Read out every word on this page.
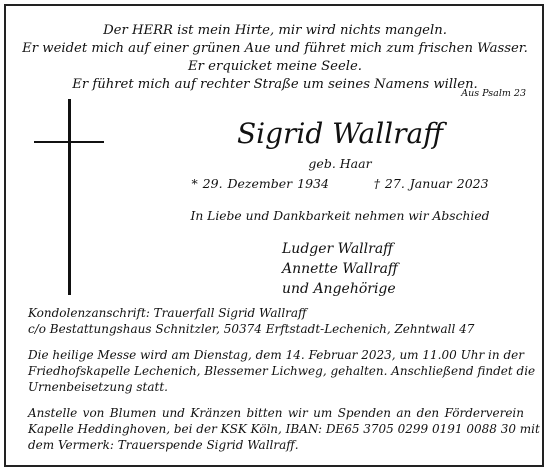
Der HERR ist mein Hirte, mir wird nichts mangeln.
Er weidet mich auf einer grünen Aue und führet mich zum frischen Wasser.
Er erquicket meine Seele.
Er führet mich auf rechter Straße um seines Namens willen.
Aus Psalm 23
Sigrid Wallraff
geb. Haar
* 29. Dezember 1934	† 27. Januar 2023
In Liebe und Dankbarkeit nehmen wir Abschied
Ludger Wallraff
Annette Wallraff
und Angehörige

Kondolenzanschrift: Trauerfall Sigrid Wallraff
c/o Bestattungshaus Schnitzler, 50374 Erftstadt-Lechenich, Zehntwall 47

Die heilige Messe wird am Dienstag, dem 14. Februar 2023, um 11.00 Uhr in der
Friedhofskapelle Lechenich, Blessemer Lichweg, gehalten. Anschließend findet die
Urnenbeisetzung statt.

Anstelle von Blumen und Kränzen bitten wir um Spenden an den Förderverein
Kapelle Heddinghoven, bei der KSK Köln, IBAN: DE65 3705 0299 0191 0088 30 mit
dem Vermerk: Trauerspende Sigrid Wallraff.
